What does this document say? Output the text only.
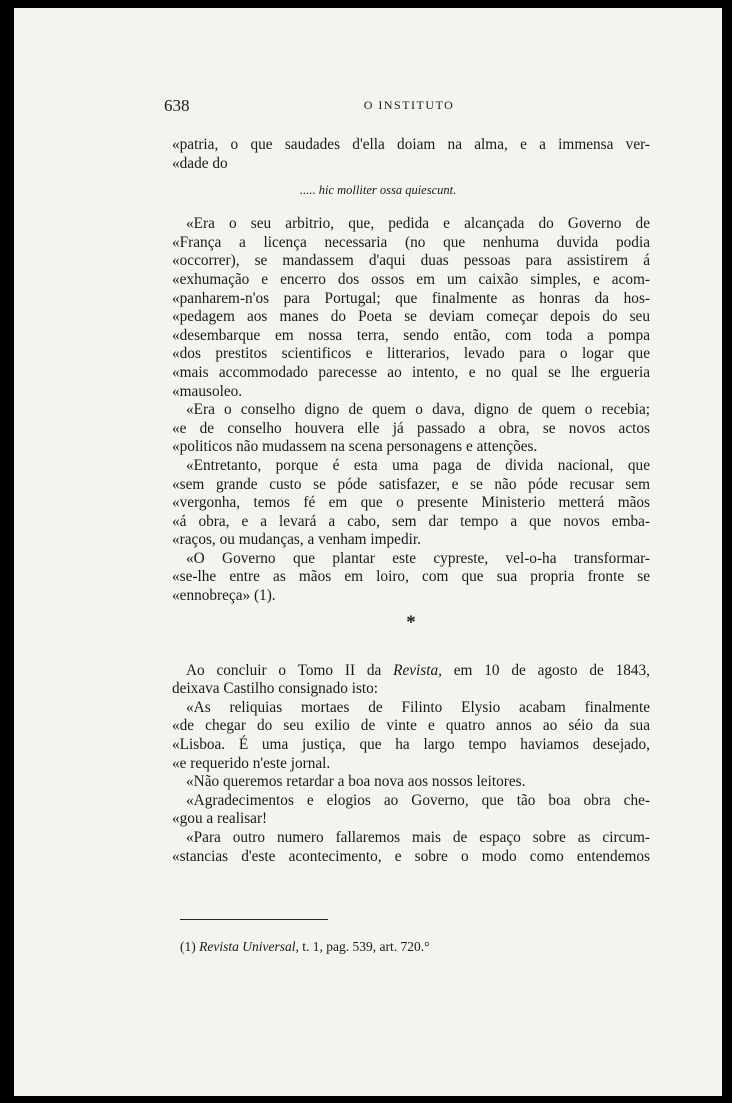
638	O INSTITUTO
«patria, o que saudades d'ella doiam na alma, e a immensa ver-
«dade do
..... hic molliter ossa quiescunt.
«Era o seu arbitrio, que, pedida e alcançada do Governo de
«França a licença necessaria (no que nenhuma duvida podia
«occorrer), se mandassem d'aqui duas pessoas para assistirem á
«exhumação e encerro dos ossos em um caixão simples, e acom-
«panharem-n'os para Portugal; que finalmente as honras da hos-
«pedagem aos manes do Poeta se deviam começar depois do seu
«desembarque em nossa terra, sendo então, com toda a pompa
«dos prestitos scientificos e litterarios, levado para o logar que
«mais accommodado parecesse ao intento, e no qual se lhe ergueria
«mausoleo.
«Era o conselho digno de quem o dava, digno de quem o recebia;
«e de conselho houvera elle já passado a obra, se novos actos
«politicos não mudassem na scena personagens e attenções.
«Entretanto, porque é esta uma paga de divida nacional, que
«sem grande custo se póde satisfazer, e se não póde recusar sem
«vergonha, temos fé em que o presente Ministerio metterá mãos
«á obra, e a levará a cabo, sem dar tempo a que novos emba-
«raços, ou mudanças, a venham impedir.
«O Governo que plantar este cypreste, vel-o-ha transformar-
«se-lhe entre as mãos em loiro, com que sua propria fronte se
«ennobreça» (1).
*
Ao concluir o Tomo II da Revista, em 10 de agosto de 1843,
deixava Castilho consignado isto:
«As reliquias mortaes de Filinto Elysio acabam finalmente
«de chegar do seu exilio de vinte e quatro annos ao séio da sua
«Lisboa. É uma justiça, que ha largo tempo haviamos desejado,
«e requerido n'este jornal.
«Não queremos retardar a boa nova aos nossos leitores.
«Agradecimentos e elogios ao Governo, que tão boa obra che-
«gou a realisar!
«Para outro numero fallaremos mais de espaço sobre as circum-
«stancias d'este acontecimento, e sobre o modo como entendemos
(1) Revista Universal, t. 1, pag. 539, art. 720.°
